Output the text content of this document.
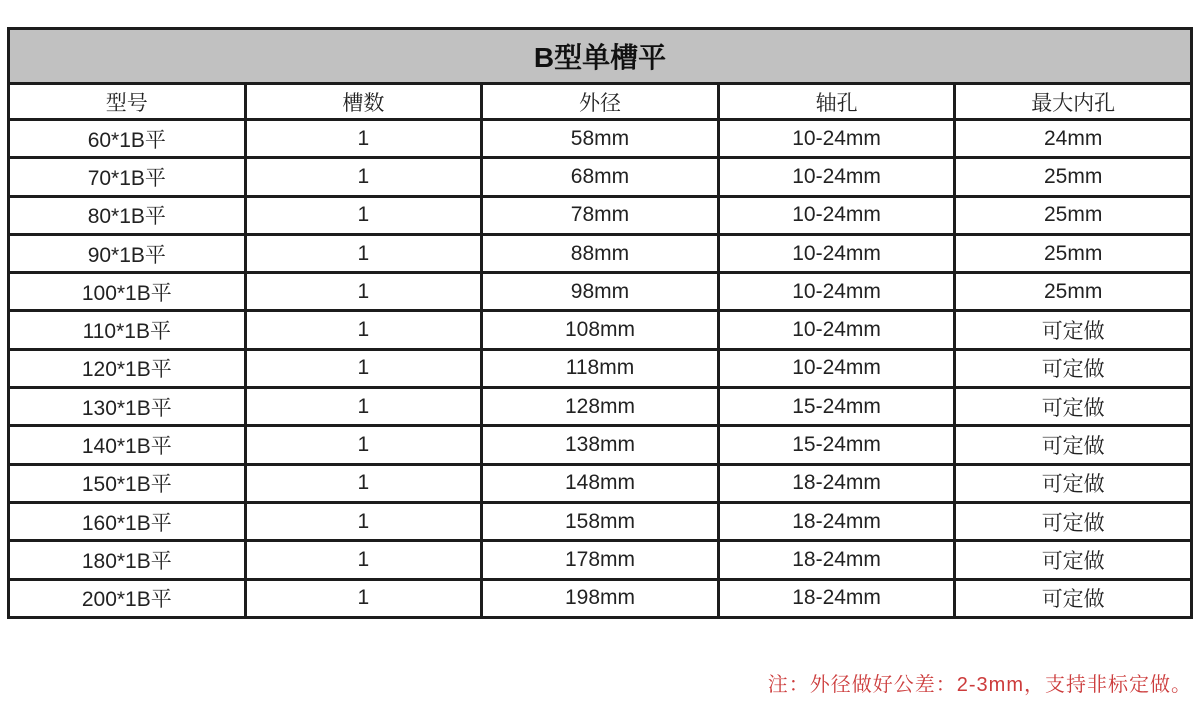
B型单槽平				
型号	槽数	外径	轴孔	最大内孔
60*1B平	1	58mm	10-24mm	24mm
70*1B平	1	68mm	10-24mm	25mm
80*1B平	1	78mm	10-24mm	25mm
90*1B平	1	88mm	10-24mm	25mm
100*1B平	1	98mm	10-24mm	25mm
110*1B平	1	108mm	10-24mm	可定做
120*1B平	1	118mm	10-24mm	可定做
130*1B平	1	128mm	15-24mm	可定做
140*1B平	1	138mm	15-24mm	可定做
150*1B平	1	148mm	18-24mm	可定做
160*1B平	1	158mm	18-24mm	可定做
180*1B平	1	178mm	18-24mm	可定做
200*1B平	1	198mm	18-24mm	可定做
注：外径做好公差：2-3mm，支持非标定做。
